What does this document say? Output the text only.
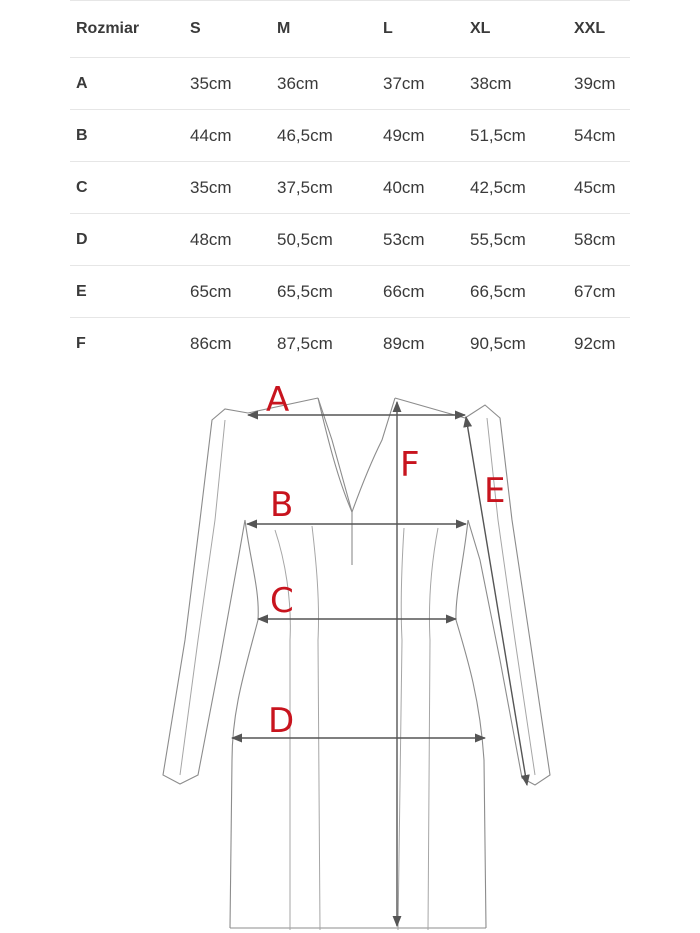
Rozmiar	S	M	L	XL	XXL
A	35cm	36cm	37cm	38cm	39cm
B	44cm	46,5cm	49cm	51,5cm	54cm
C	35cm	37,5cm	40cm	42,5cm	45cm
D	48cm	50,5cm	53cm	55,5cm	58cm
E	65cm	65,5cm	66cm	66,5cm	67cm
F	86cm	87,5cm	89cm	90,5cm	92cm
A
B
C
D
E
F
